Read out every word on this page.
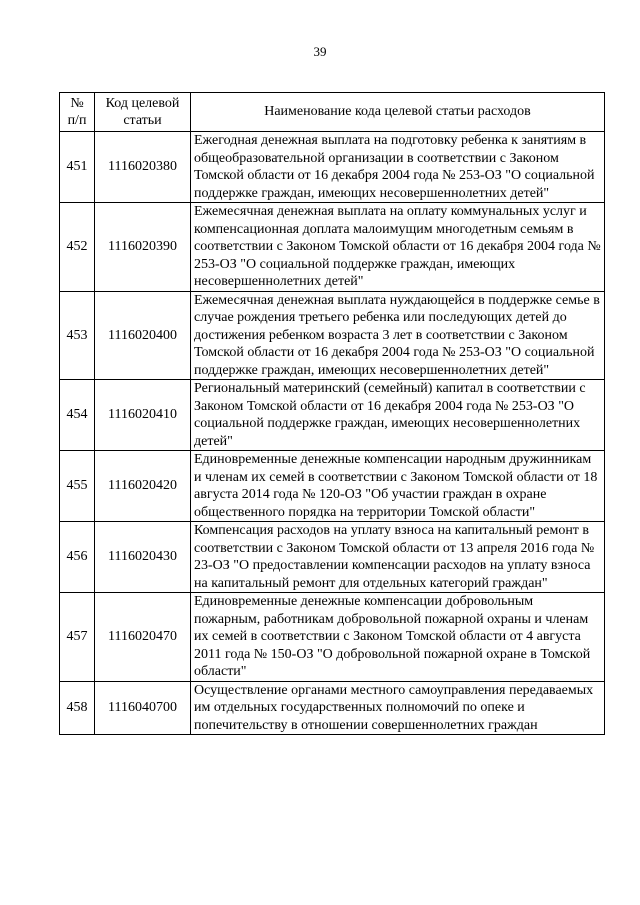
39
№ п/п	Код целевой статьи	Наименование кода целевой статьи расходов
451	1116020380	Ежегодная денежная выплата на подготовку ребенка к занятиям в общеобразовательной организации в соответствии с Законом Томской области от 16 декабря 2004 года № 253-ОЗ "О социальной поддержке граждан, имеющих несовершеннолетних детей"
452	1116020390	Ежемесячная денежная выплата на оплату коммунальных услуг и компенсационная доплата малоимущим многодетным семьям в соответствии с Законом Томской области от 16 декабря 2004 года № 253-ОЗ "О социальной поддержке граждан, имеющих несовершеннолетних детей"
453	1116020400	Ежемесячная денежная выплата нуждающейся в поддержке семье в случае рождения третьего ребенка или последующих детей до достижения ребенком возраста 3 лет в соответствии с Законом Томской области от 16 декабря 2004 года № 253-ОЗ "О социальной поддержке граждан, имеющих несовершеннолетних детей"
454	1116020410	Региональный материнский (семейный) капитал в соответствии с Законом Томской области от 16 декабря 2004 года № 253-ОЗ "О социальной поддержке граждан, имеющих несовершеннолетних детей"
455	1116020420	Единовременные денежные компенсации народным дружинникам и членам их семей в соответствии с Законом Томской области от 18 августа 2014 года № 120-ОЗ "Об участии граждан в охране общественного порядка на территории Томской области"
456	1116020430	Компенсация расходов на уплату взноса на капитальный ремонт в соответствии с Законом Томской области от 13 апреля 2016 года № 23-ОЗ "О предоставлении компенсации расходов на уплату взноса на капитальный ремонт для отдельных категорий граждан"
457	1116020470	Единовременные денежные компенсации добровольным пожарным, работникам добровольной пожарной охраны и членам их семей в соответствии с Законом Томской области от 4 августа 2011 года № 150-ОЗ "О добровольной пожарной охране в Томской области"
458	1116040700	Осуществление органами местного самоуправления передаваемых им отдельных государственных полномочий по опеке и попечительству в отношении совершеннолетних граждан
